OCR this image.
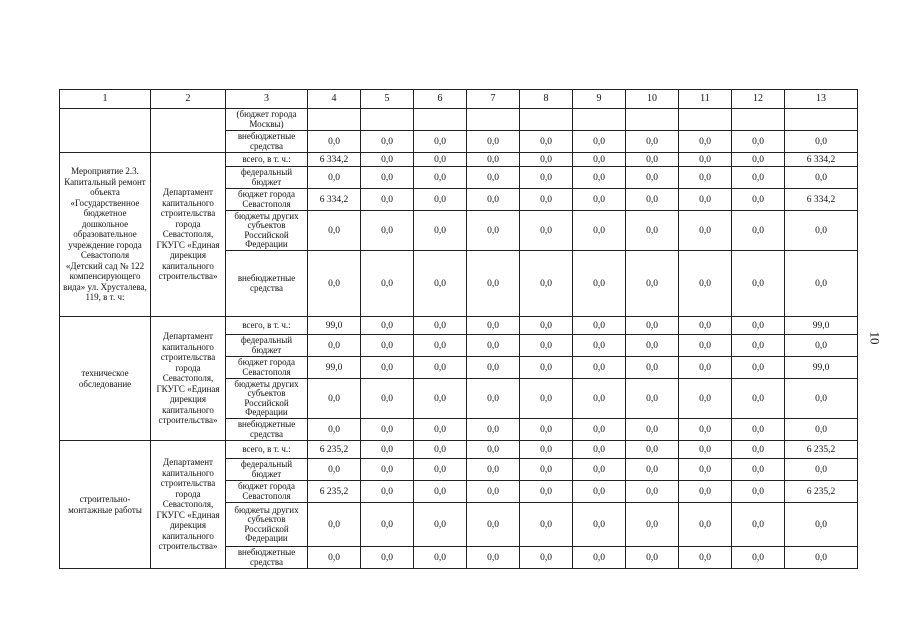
1	2	3	4	5	6	7	8	9	10	11	12	13
		(бюджет города Москвы)										
		внебюджетные средства	0,0	0,0	0,0	0,0	0,0	0,0	0,0	0,0	0,0	0,0
Мероприятие 2.3. Капитальный ремонт объекта «Государственное бюджетное дошкольное образовательное учреждение города Севастополя «Детский сад № 122 компенсирующего вида» ул. Хрусталева, 119, в т. ч:	Департамент капитального строительства города Севастополя, ГКУГС «Единая дирекция капитального строительства»	всего, в т. ч.:	6 334,2	0,0	0,0	0,0	0,0	0,0	0,0	0,0	0,0	6 334,2
		федеральный бюджет	0,0	0,0	0,0	0,0	0,0	0,0	0,0	0,0	0,0	0,0
		бюджет города Севастополя	6 334,2	0,0	0,0	0,0	0,0	0,0	0,0	0,0	0,0	6 334,2
		бюджеты других субъектов Российской Федерации	0,0	0,0	0,0	0,0	0,0	0,0	0,0	0,0	0,0	0,0
		внебюджетные средства	0,0	0,0	0,0	0,0	0,0	0,0	0,0	0,0	0,0	0,0
техническое обследование	Департамент капитального строительства города Севастополя, ГКУГС «Единая дирекция капитального строительства»	всего, в т. ч.:	99,0	0,0	0,0	0,0	0,0	0,0	0,0	0,0	0,0	99,0
		федеральный бюджет	0,0	0,0	0,0	0,0	0,0	0,0	0,0	0,0	0,0	0,0
		бюджет города Севастополя	99,0	0,0	0,0	0,0	0,0	0,0	0,0	0,0	0,0	99,0
		бюджеты других субъектов Российской Федерации	0,0	0,0	0,0	0,0	0,0	0,0	0,0	0,0	0,0	0,0
		внебюджетные средства	0,0	0,0	0,0	0,0	0,0	0,0	0,0	0,0	0,0	0,0
строительно-монтажные работы	Департамент капитального строительства города Севастополя, ГКУГС «Единая дирекция капитального строительства»	всего, в т. ч.:	6 235,2	0,0	0,0	0,0	0,0	0,0	0,0	0,0	0,0	6 235,2
		федеральный бюджет	0,0	0,0	0,0	0,0	0,0	0,0	0,0	0,0	0,0	0,0
		бюджет города Севастополя	6 235,2	0,0	0,0	0,0	0,0	0,0	0,0	0,0	0,0	6 235,2
		бюджеты других субъектов Российской Федерации	0,0	0,0	0,0	0,0	0,0	0,0	0,0	0,0	0,0	0,0
		внебюджетные средства	0,0	0,0	0,0	0,0	0,0	0,0	0,0	0,0	0,0	0,0
10
